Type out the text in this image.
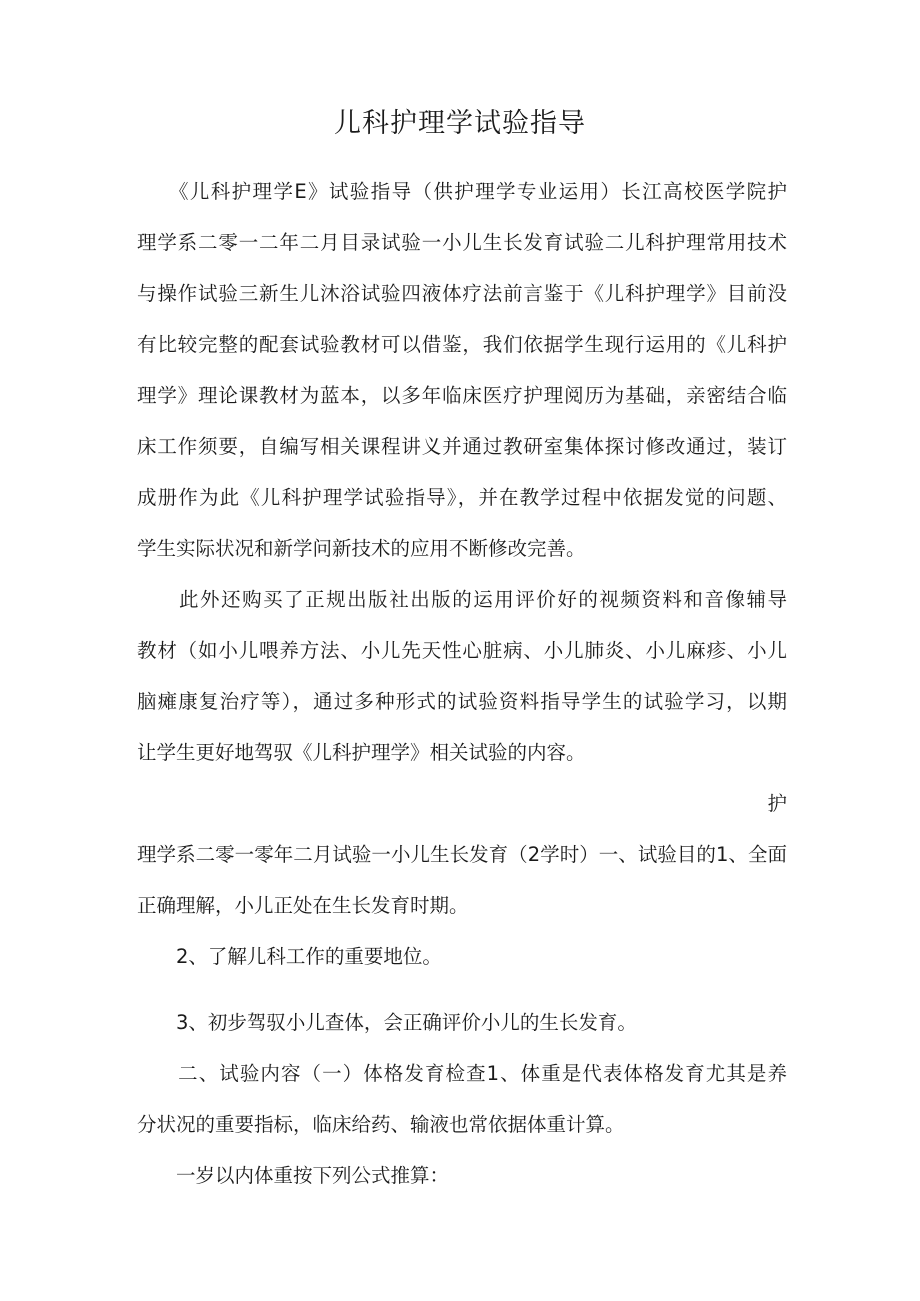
儿科护理学试验指导
　　《儿科护理学E》试验指导（供护理学专业运用）长江高校医学院护
理学系二零一二年二月目录试验一小儿生长发育试验二儿科护理常用技术
与操作试验三新生儿沐浴试验四液体疗法前言鉴于《儿科护理学》目前没
有比较完整的配套试验教材可以借鉴，我们依据学生现行运用的《儿科护
理学》理论课教材为蓝本，以多年临床医疗护理阅历为基础，亲密结合临
床工作须要，自编写相关课程讲义并通过教研室集体探讨修改通过，装订
成册作为此《儿科护理学试验指导》，并在教学过程中依据发觉的问题、
学生实际状况和新学问新技术的应用不断修改完善。
　　此外还购买了正规出版社出版的运用评价好的视频资料和音像辅导
教材（如小儿喂养方法、小儿先天性心脏病、小儿肺炎、小儿麻疹、小儿
脑瘫康复治疗等），通过多种形式的试验资料指导学生的试验学习，以期
让学生更好地驾驭《儿科护理学》相关试验的内容。
护
理学系二零一零年二月试验一小儿生长发育（2学时）一、试验目的1、全面
正确理解，小儿正处在生长发育时期。
　　2、了解儿科工作的重要地位。
　　3、初步驾驭小儿查体，会正确评价小儿的生长发育。
　　二、试验内容（一）体格发育检查1、体重是代表体格发育尤其是养
分状况的重要指标，临床给药、输液也常依据体重计算。
　　一岁以内体重按下列公式推算：
